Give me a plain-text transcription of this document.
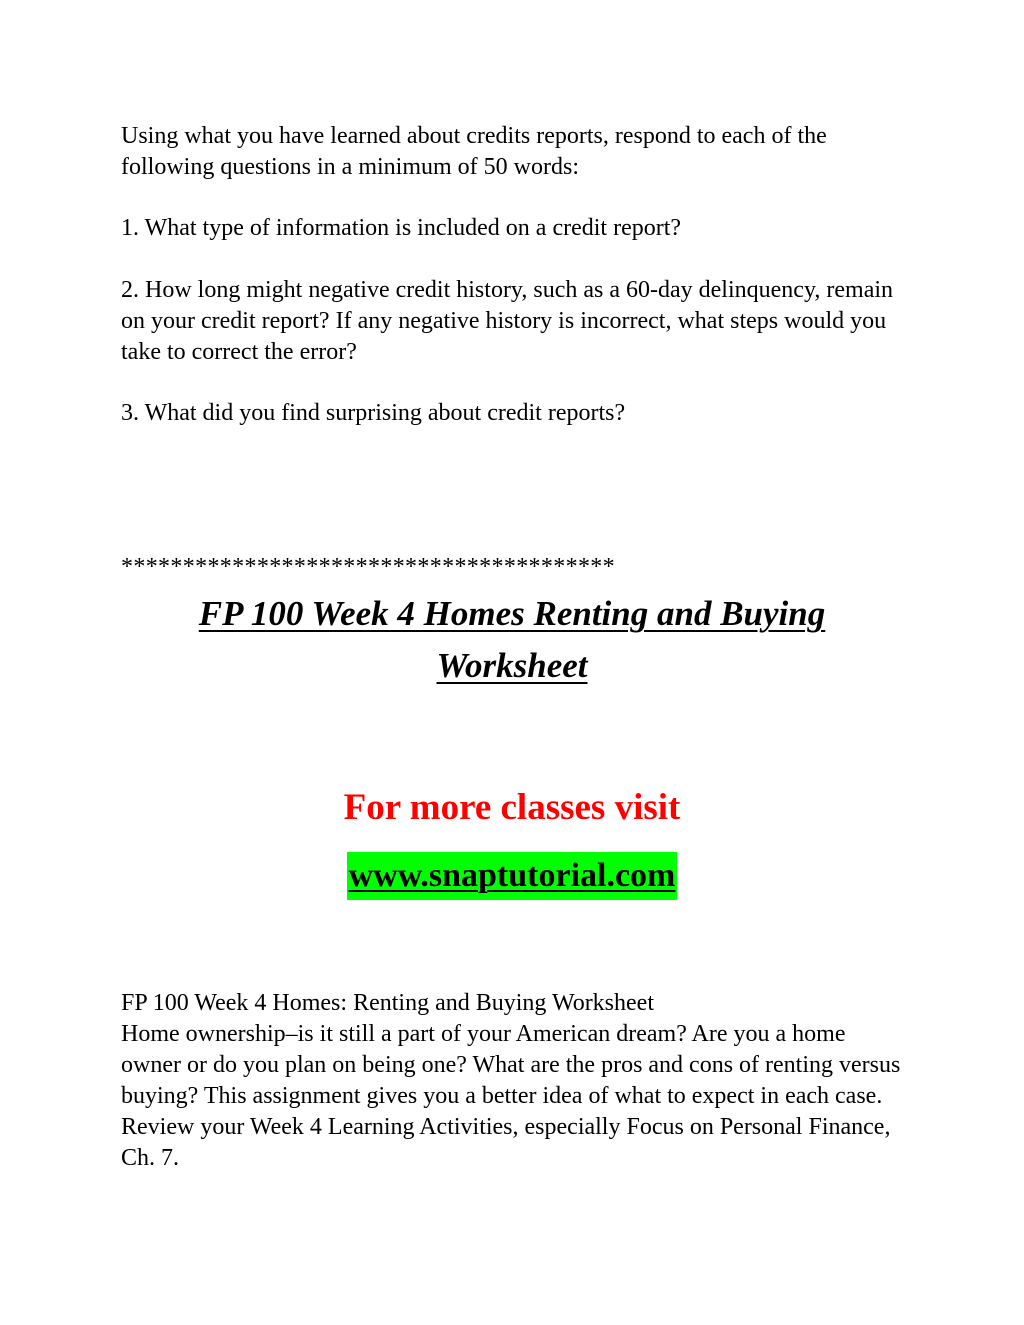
Using what you have learned about credits reports, respond to each of the following questions in a minimum of 50 words:

1. What type of information is included on a credit report?

2. How long might negative credit history, such as a 60-day delinquency, remain on your credit report? If any negative history is incorrect, what steps would you take to correct the error?

3. What did you find surprising about credit reports?

****************************************

FP 100 Week 4 Homes Renting and Buying
Worksheet

For more classes visit

www.snaptutorial.com
FP 100 Week 4 Homes: Renting and Buying Worksheet
Home ownership–is it still a part of your American dream? Are you a home owner or do you plan on being one? What are the pros and cons of renting versus buying? This assignment gives you a better idea of what to expect in each case.
Review your Week 4 Learning Activities, especially Focus on Personal Finance, Ch. 7.
